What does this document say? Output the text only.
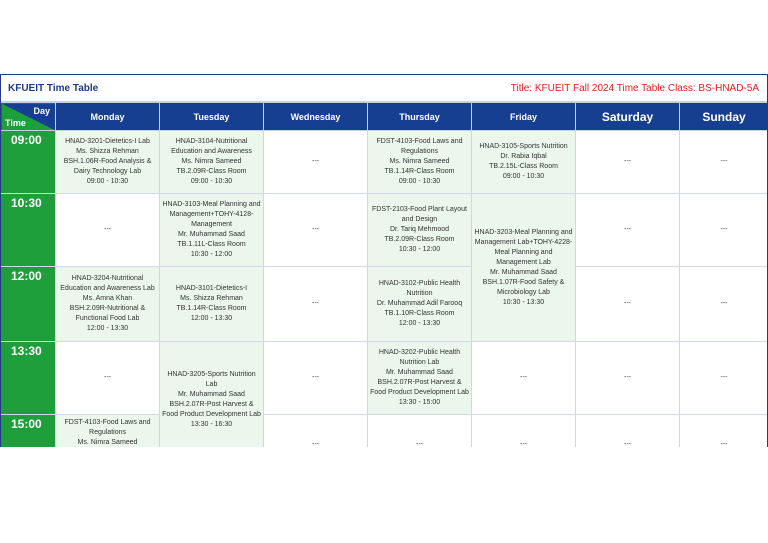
KFUEIT Time Table	Title: KFUEIT Fall 2024 Time Table Class: BS-HNAD-5A
Day
Time	Monday	Tuesday	Wednesday	Thursday	Friday	Saturday	Sunday
09:00	HNAD-3201-Dietetics-I Lab
Ms. Shizza Rehman
BSH.1.06R-Food Analysis & Dairy Technology Lab
09:00 - 10:30	HNAD-3104-Nutritional Education and Awareness
Ms. Nimra Sameed
TB.2.09R-Class Room
09:00 - 10:30	---	FDST-4103-Food Laws and Regulations
Ms. Nimra Sameed
TB.1.14R-Class Room
09:00 - 10:30	HNAD-3105-Sports Nutrition
Dr. Rabia Iqbal
TB.2.15L-Class Room
09:00 - 10:30	---	---
10:30	---	HNAD-3103-Meal Planning and
Management+TOHY-4128-Management
Mr. Muhammad Saad
TB.1.11L-Class Room
10:30 - 12:00	---	FDST-2103-Food Plant Layout and Design
Dr. Tariq Mehmood
TB.2.09R-Class Room
10:30 - 12:00	HNAD-3203-Meal Planning and Management Lab+TOHY-4228-Meal Planning and Management Lab
Mr. Muhammad Saad
BSH.1.07R-Food Safety & Microbiology Lab
10:30 - 13:30	---	---
12:00	HNAD-3204-Nutritional Education and Awareness Lab
Ms. Amna Khan
BSH.2.09R-Nutritional & Functional Food Lab
12:00 - 13:30	HNAD-3101-Dietetics-I
Ms. Shizza Rehman
TB.1.14R-Class Room
12:00 - 13:30	---	HNAD-3102-Public Health Nutrition
Dr. Muhammad Adil Farooq
TB.1.10R-Class Room
12:00 - 13:30		---	---
13:30	---	HNAD-3205-Sports Nutrition Lab
Mr. Muhammad Saad
BSH.2.07R-Post Harvest & Food Product Development Lab
13:30 - 16:30	---	HNAD-3202-Public Health Nutrition Lab
Mr. Muhammad Saad
BSH.2.07R-Post Harvest & Food Product Development Lab
13:30 - 15:00	---	---	---
15:00	FDST-4103-Food Laws and Regulations
Ms. Nimra Sameed		---	---	---	---	---
